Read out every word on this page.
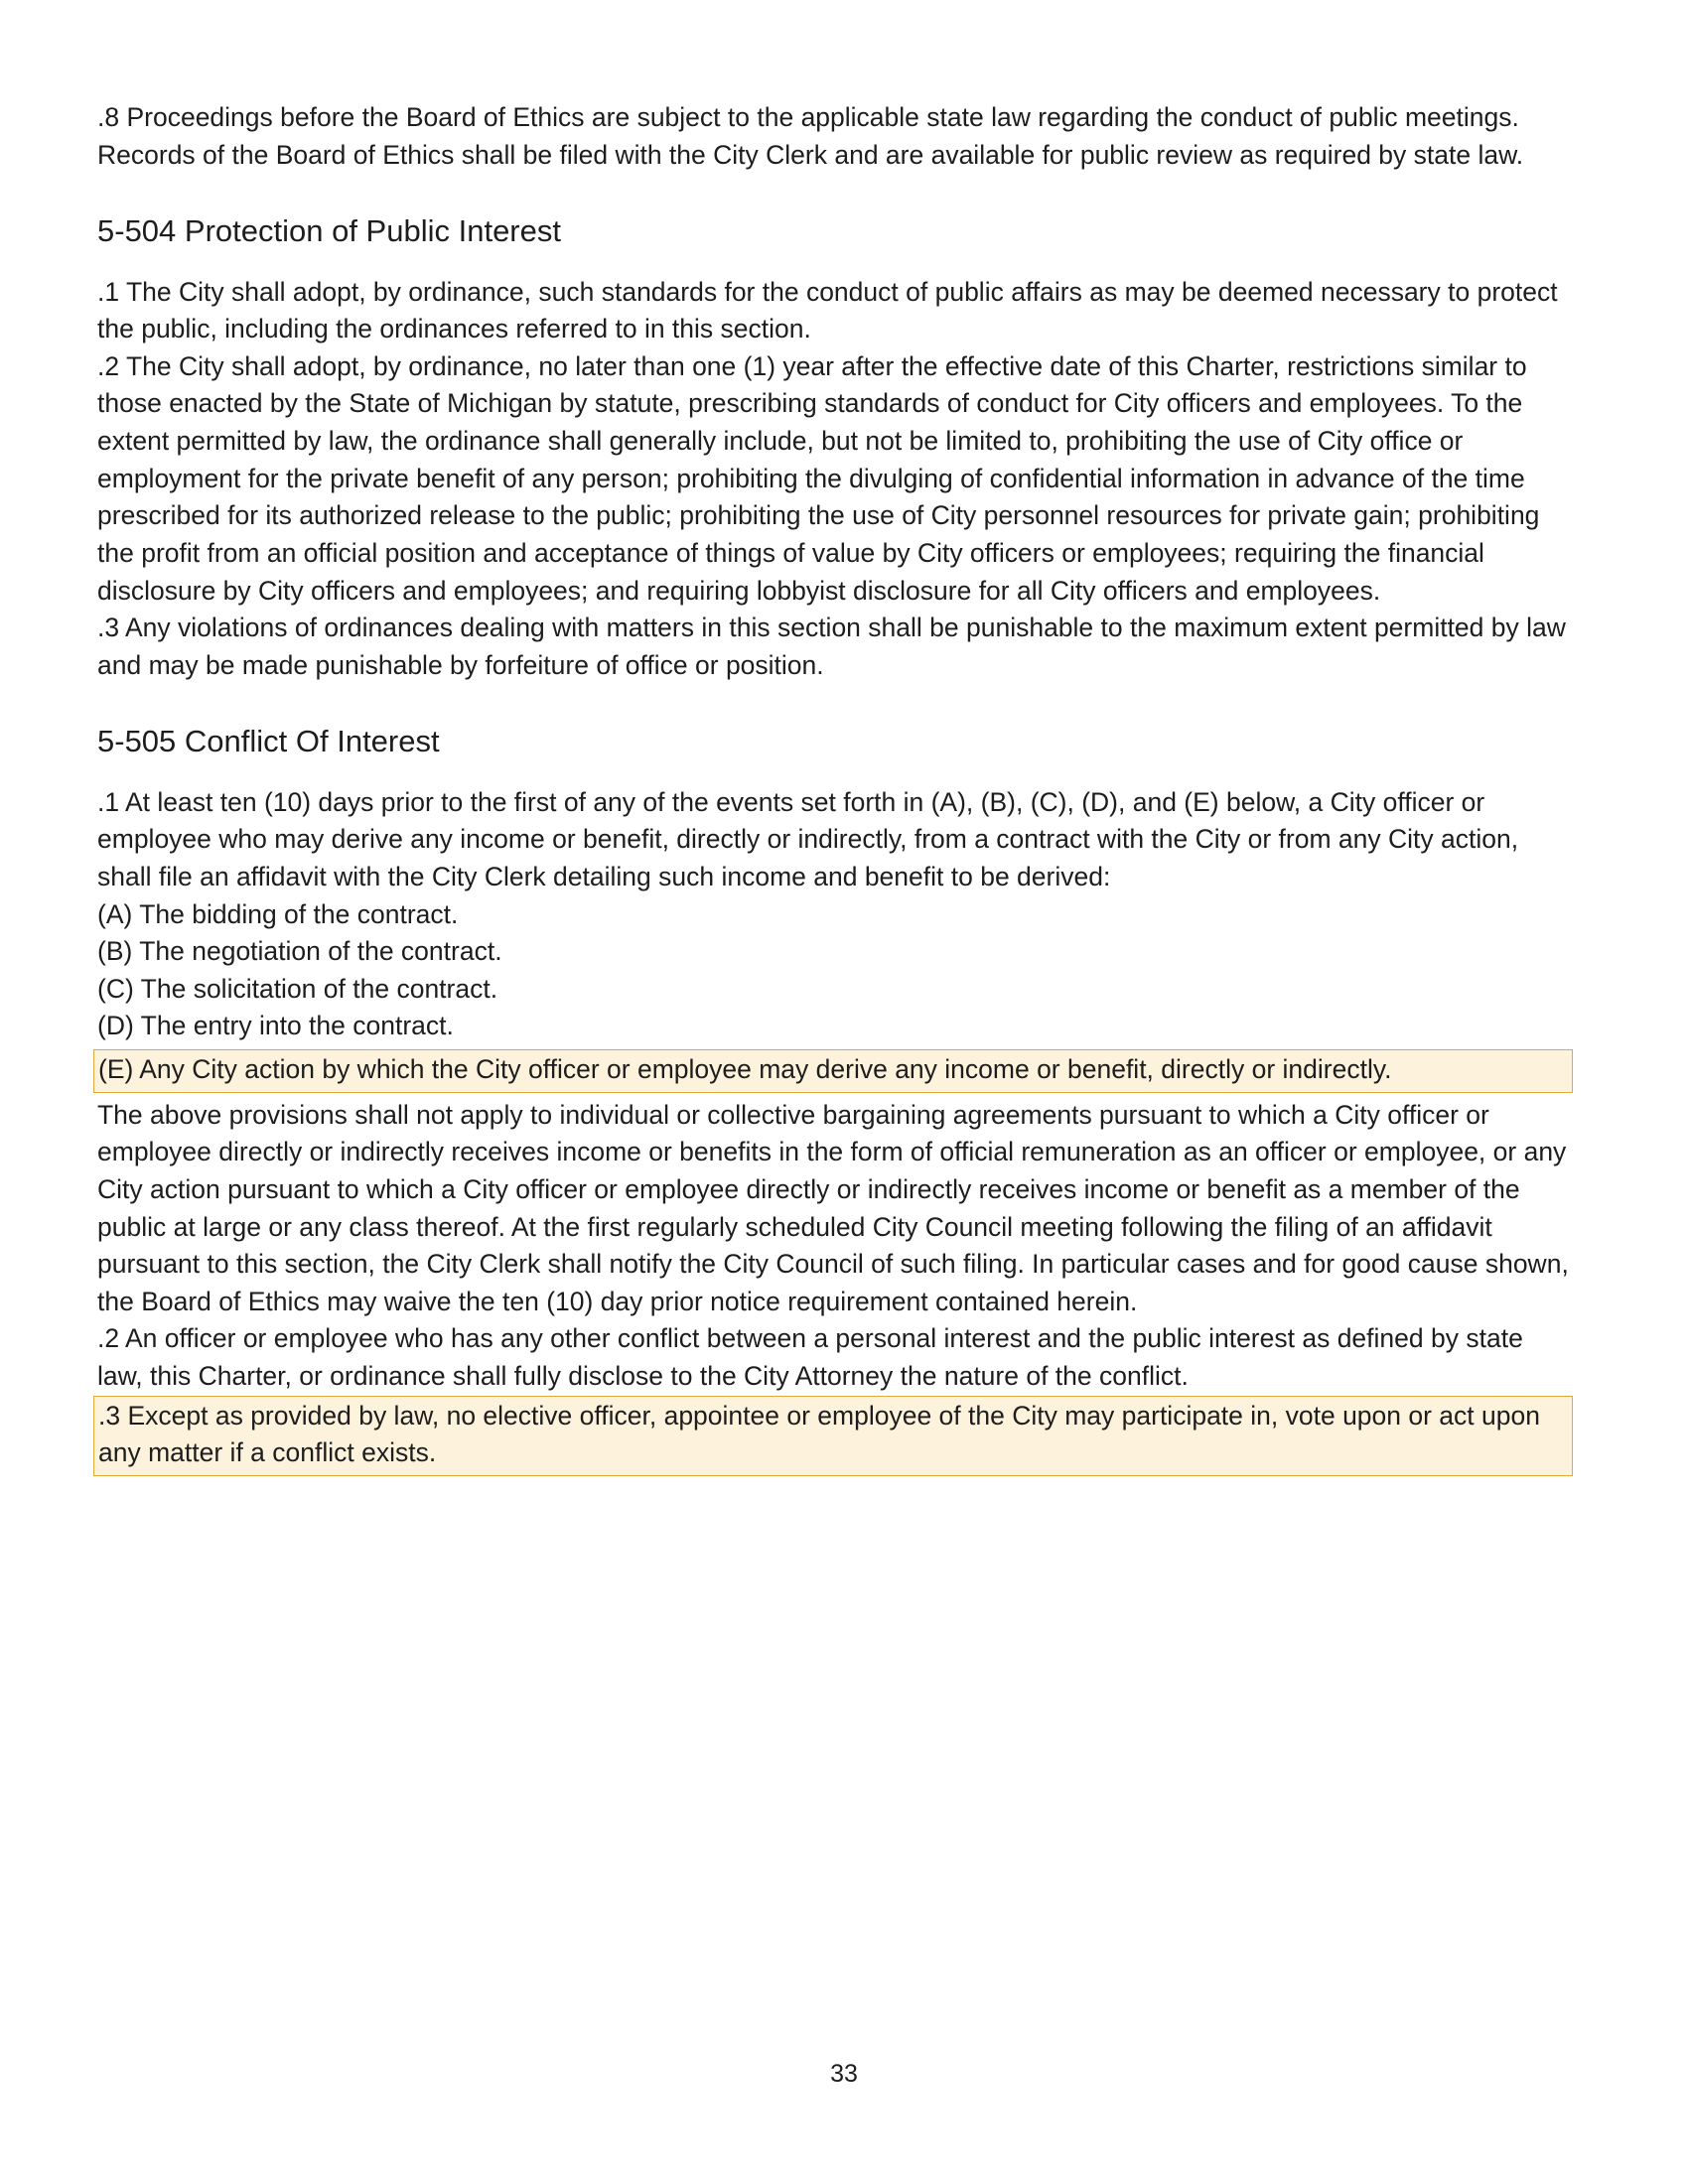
.8 Proceedings before the Board of Ethics are subject to the applicable state law regarding the conduct of public meetings. Records of the Board of Ethics shall be filed with the City Clerk and are available for public review as required by state law.

5-504 Protection of Public Interest

.1 The City shall adopt, by ordinance, such standards for the conduct of public affairs as may be deemed necessary to protect the public, including the ordinances referred to in this section.

.2 The City shall adopt, by ordinance, no later than one (1) year after the effective date of this Charter, restrictions similar to those enacted by the State of Michigan by statute, prescribing standards of conduct for City officers and employees. To the extent permitted by law, the ordinance shall generally include, but not be limited to, prohibiting the use of City office or employment for the private benefit of any person; prohibiting the divulging of confidential information in advance of the time prescribed for its authorized release to the public; prohibiting the use of City personnel resources for private gain; prohibiting the profit from an official position and acceptance of things of value by City officers or employees; requiring the financial disclosure by City officers and employees; and requiring lobbyist disclosure for all City officers and employees.

.3 Any violations of ordinances dealing with matters in this section shall be punishable to the maximum extent permitted by law and may be made punishable by forfeiture of office or position.

5-505 Conflict Of Interest

.1 At least ten (10) days prior to the first of any of the events set forth in (A), (B), (C), (D), and (E) below, a City officer or employee who may derive any income or benefit, directly or indirectly, from a contract with the City or from any City action, shall file an affidavit with the City Clerk detailing such income and benefit to be derived:

(A) The bidding of the contract.
(B) The negotiation of the contract.
(C) The solicitation of the contract.
(D) The entry into the contract.
(E) Any City action by which the City officer or employee may derive any income or benefit, directly or indirectly.

The above provisions shall not apply to individual or collective bargaining agreements pursuant to which a City officer or employee directly or indirectly receives income or benefits in the form of official remuneration as an officer or employee, or any City action pursuant to which a City officer or employee directly or indirectly receives income or benefit as a member of the public at large or any class thereof. At the first regularly scheduled City Council meeting following the filing of an affidavit pursuant to this section, the City Clerk shall notify the City Council of such filing. In particular cases and for good cause shown, the Board of Ethics may waive the ten (10) day prior notice requirement contained herein.

.2 An officer or employee who has any other conflict between a personal interest and the public interest as defined by state law, this Charter, or ordinance shall fully disclose to the City Attorney the nature of the conflict.

.3 Except as provided by law, no elective officer, appointee or employee of the City may participate in, vote upon or act upon any matter if a conflict exists.
33
